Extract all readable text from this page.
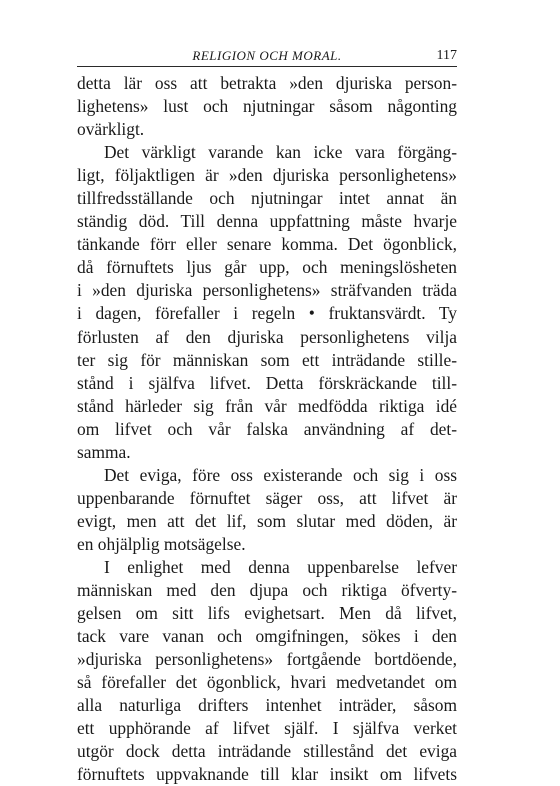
RELIGION OCH MORAL.	117
detta lär oss att betrakta »den djuriska person-
lighetens» lust och njutningar såsom någonting
ovärkligt.
Det värkligt varande kan icke vara förgäng-
ligt, följaktligen är »den djuriska personlighetens»
tillfredsställande och njutningar intet annat än
ständig död. Till denna uppfattning måste hvarje
tänkande förr eller senare komma. Det ögonblick,
då förnuftets ljus går upp, och meningslösheten
i »den djuriska personlighetens» sträfvanden träda
i dagen, förefaller i regeln • fruktansvärdt. Ty
förlusten af den djuriska personlighetens vilja
ter sig för människan som ett inträdande stille-
stånd i själfva lifvet. Detta förskräckande till-
stånd härleder sig från vår medfödda riktiga idé
om lifvet och vår falska användning af det-
samma.
Det eviga, före oss existerande och sig i oss
uppenbarande förnuftet säger oss, att lifvet är
evigt, men att det lif, som slutar med döden, är
en ohjälplig motsägelse.
I enlighet med denna uppenbarelse lefver
människan med den djupa och riktiga öfverty-
gelsen om sitt lifs evighetsart. Men då lifvet,
tack vare vanan och omgifningen, sökes i den
»djuriska personlighetens» fortgående bortdöende,
så förefaller det ögonblick, hvari medvetandet om
alla naturliga drifters intenhet inträder, såsom
ett upphörande af lifvet själf. I själfva verket
utgör dock detta inträdande stillestånd det eviga
förnuftets uppvaknande till klar insikt om lifvets
